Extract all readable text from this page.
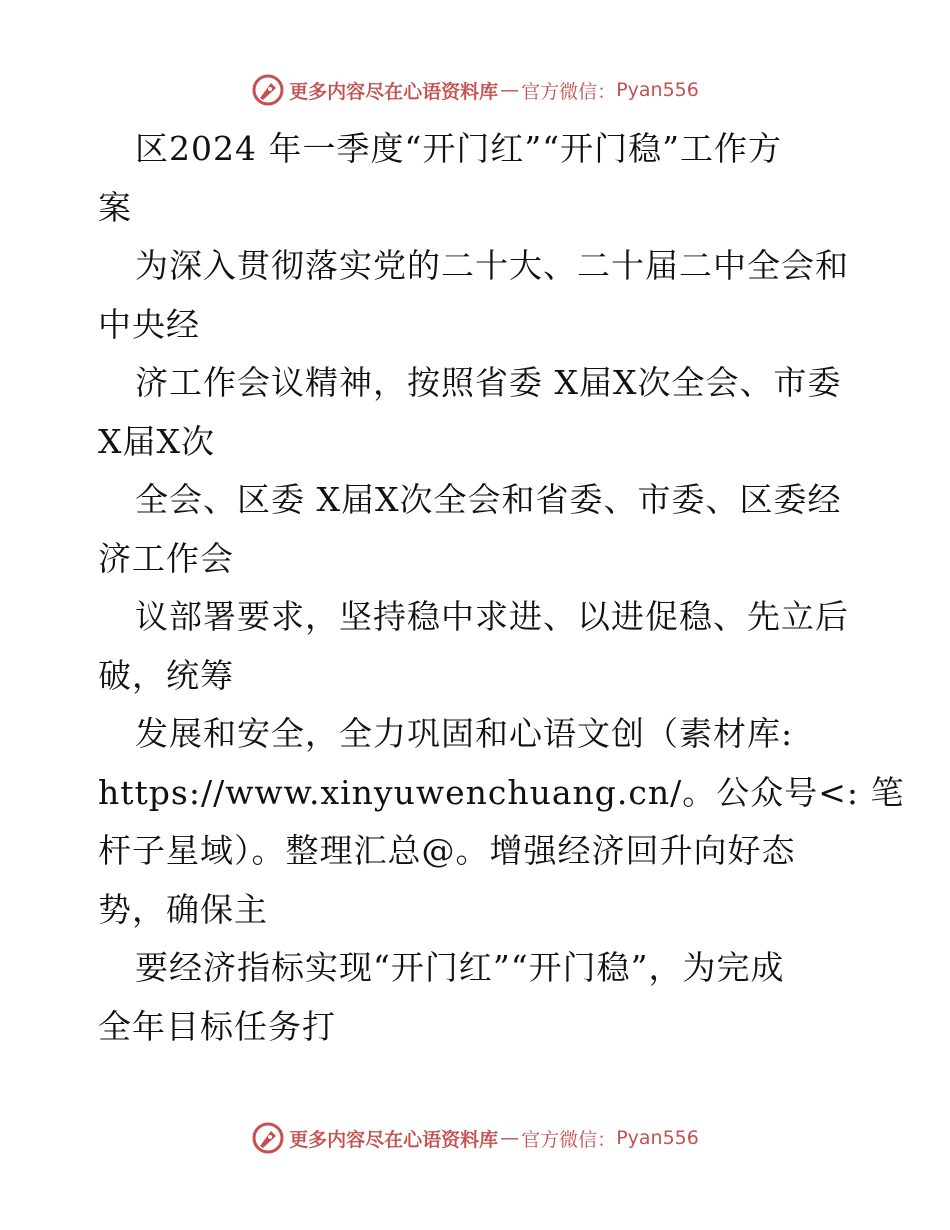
更多内容尽在心语资料库 — 官方微信： Pyan556
区2024 年一季度“开门红”“开门稳”工作方
案
为深入贯彻落实党的二十大、二十届二中全会和
中央经
济工作会议精神，按照省委 X届X次全会、市委
X届X次
全会、区委 X届X次全会和省委、市委、区委经
济工作会
议部署要求，坚持稳中求进、以进促稳、先立后
破，统筹
发展和安全，全力巩固和心语文创（素材库:
https://www.xinyuwenchuang.cn/。公众号<: 笔
杆子星域）。整理汇总@。增强经济回升向好态
势，确保主
要经济指标实现“开门红”“开门稳”，为完成
全年目标任务打
更多内容尽在心语资料库 — 官方微信： Pyan556
